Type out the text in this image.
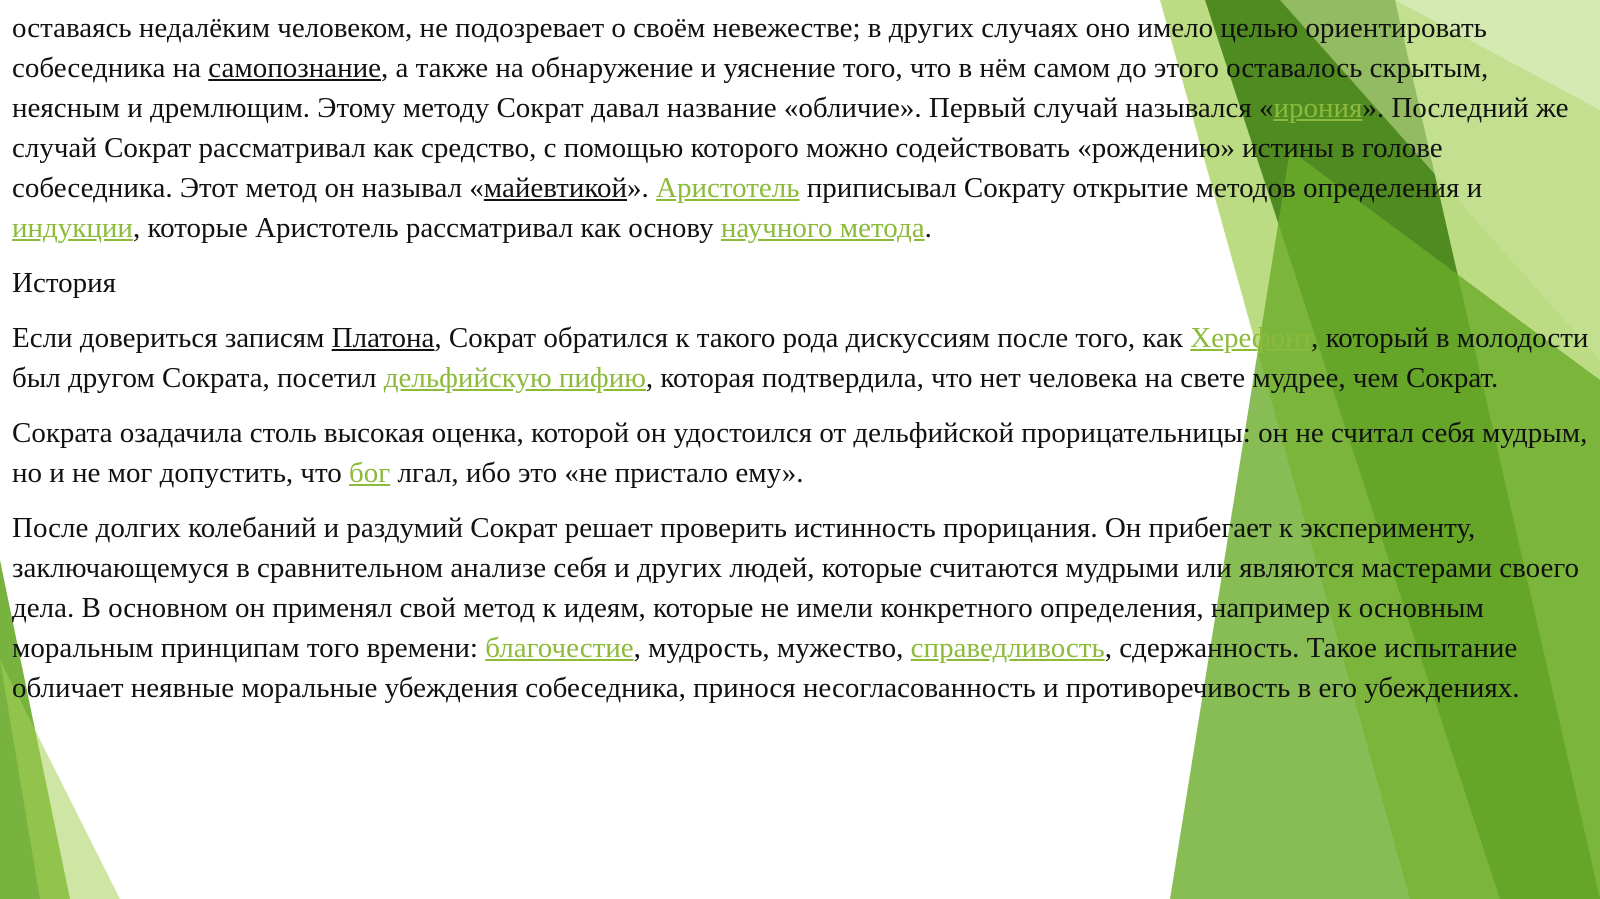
оставаясь недалёким человеком, не подозревает о своём невежестве; в других случаях оно имело целью ориентировать собеседника на самопознание, а также на обнаружение и уяснение того, что в нём самом до этого оставалось скрытым, неясным и дремлющим. Этому методу Сократ давал название «обличие». Первый случай назывался «ирония». Последний же случай Сократ рассматривал как средство, с помощью которого можно содействовать «рождению» истины в голове собеседника. Этот метод он называл «майевтикой». Аристотель приписывал Сократу открытие методов определения и индукции, которые Аристотель рассматривал как основу научного метода.

История

Если довериться записям Платона, Сократ обратился к такого рода дискуссиям после того, как Херефонт, который в молодости был другом Сократа, посетил дельфийскую пифию, которая подтвердила, что нет человека на свете мудрее, чем Сократ.

Сократа озадачила столь высокая оценка, которой он удостоился от дельфийской прорицательницы: он не считал себя мудрым, но и не мог допустить, что бог лгал, ибо это «не пристало ему».

После долгих колебаний и раздумий Сократ решает проверить истинность прорицания. Он прибегает к эксперименту, заключающемуся в сравнительном анализе себя и других людей, которые считаются мудрыми или являются мастерами своего дела. В основном он применял свой метод к идеям, которые не имели конкретного определения, например к основным моральным принципам того времени: благочестие, мудрость, мужество, справедливость, сдержанность. Такое испытание обличает неявные моральные убеждения собеседника, принося несогласованность и противоречивость в его убеждениях.
